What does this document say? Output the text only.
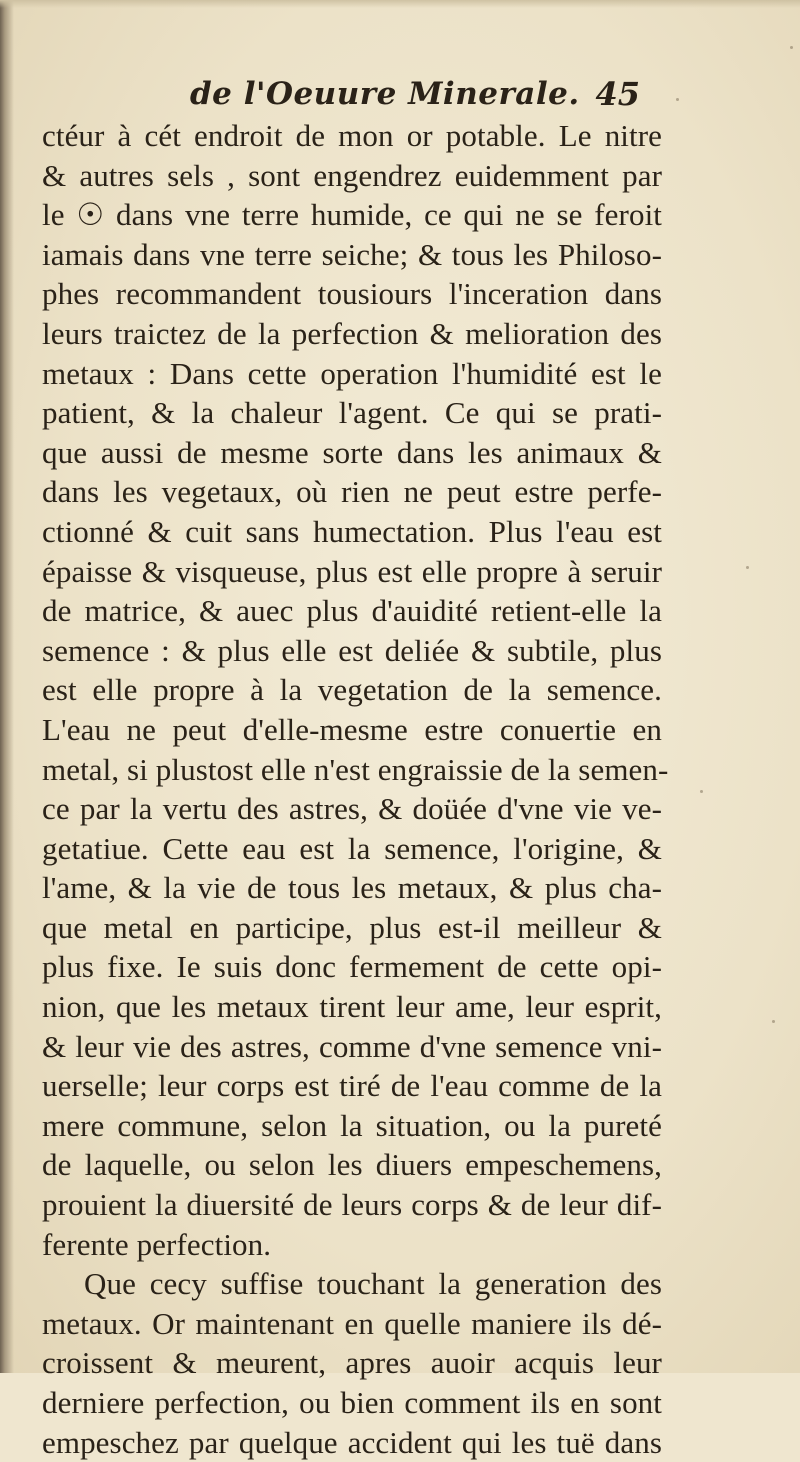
de l'Oeuure Minerale. 45
ctéur à cét endroit de mon or potable. Le nitre
& autres sels , sont engendrez euidemment par
le ☉ dans vne terre humide, ce qui ne se feroit
iamais dans vne terre seiche; & tous les Philoso-
phes recommandent tousiours l'inceration dans
leurs traictez de la perfection & melioration des
metaux : Dans cette operation l'humidité est le
patient, & la chaleur l'agent. Ce qui se prati-
que aussi de mesme sorte dans les animaux &
dans les vegetaux, où rien ne peut estre perfe-
ctionné & cuit sans humectation. Plus l'eau est
épaisse & visqueuse, plus est elle propre à seruir
de matrice, & auec plus d'auidité retient-elle la
semence : & plus elle est deliée & subtile, plus
est elle propre à la vegetation de la semence.
L'eau ne peut d'elle-mesme estre conuertie en
metal, si plustost elle n'est engraissie de la semen-
ce par la vertu des astres, & doüée d'vne vie ve-
getatiue. Cette eau est la semence, l'origine, &
l'ame, & la vie de tous les metaux, & plus cha-
que metal en participe, plus est-il meilleur &
plus fixe. Ie suis donc fermement de cette opi-
nion, que les metaux tirent leur ame, leur esprit,
& leur vie des astres, comme d'vne semence vni-
uerselle; leur corps est tiré de l'eau comme de la
mere commune, selon la situation, ou la pureté
de laquelle, ou selon les diuers empeschemens,
prouient la diuersité de leurs corps & de leur dif-
ferente perfection.
Que cecy suffise touchant la generation des
metaux. Or maintenant en quelle maniere ils dé-
croissent & meurent, apres auoir acquis leur
derniere perfection, ou bien comment ils en sont
empeschez par quelque accident qui les tuë dans
